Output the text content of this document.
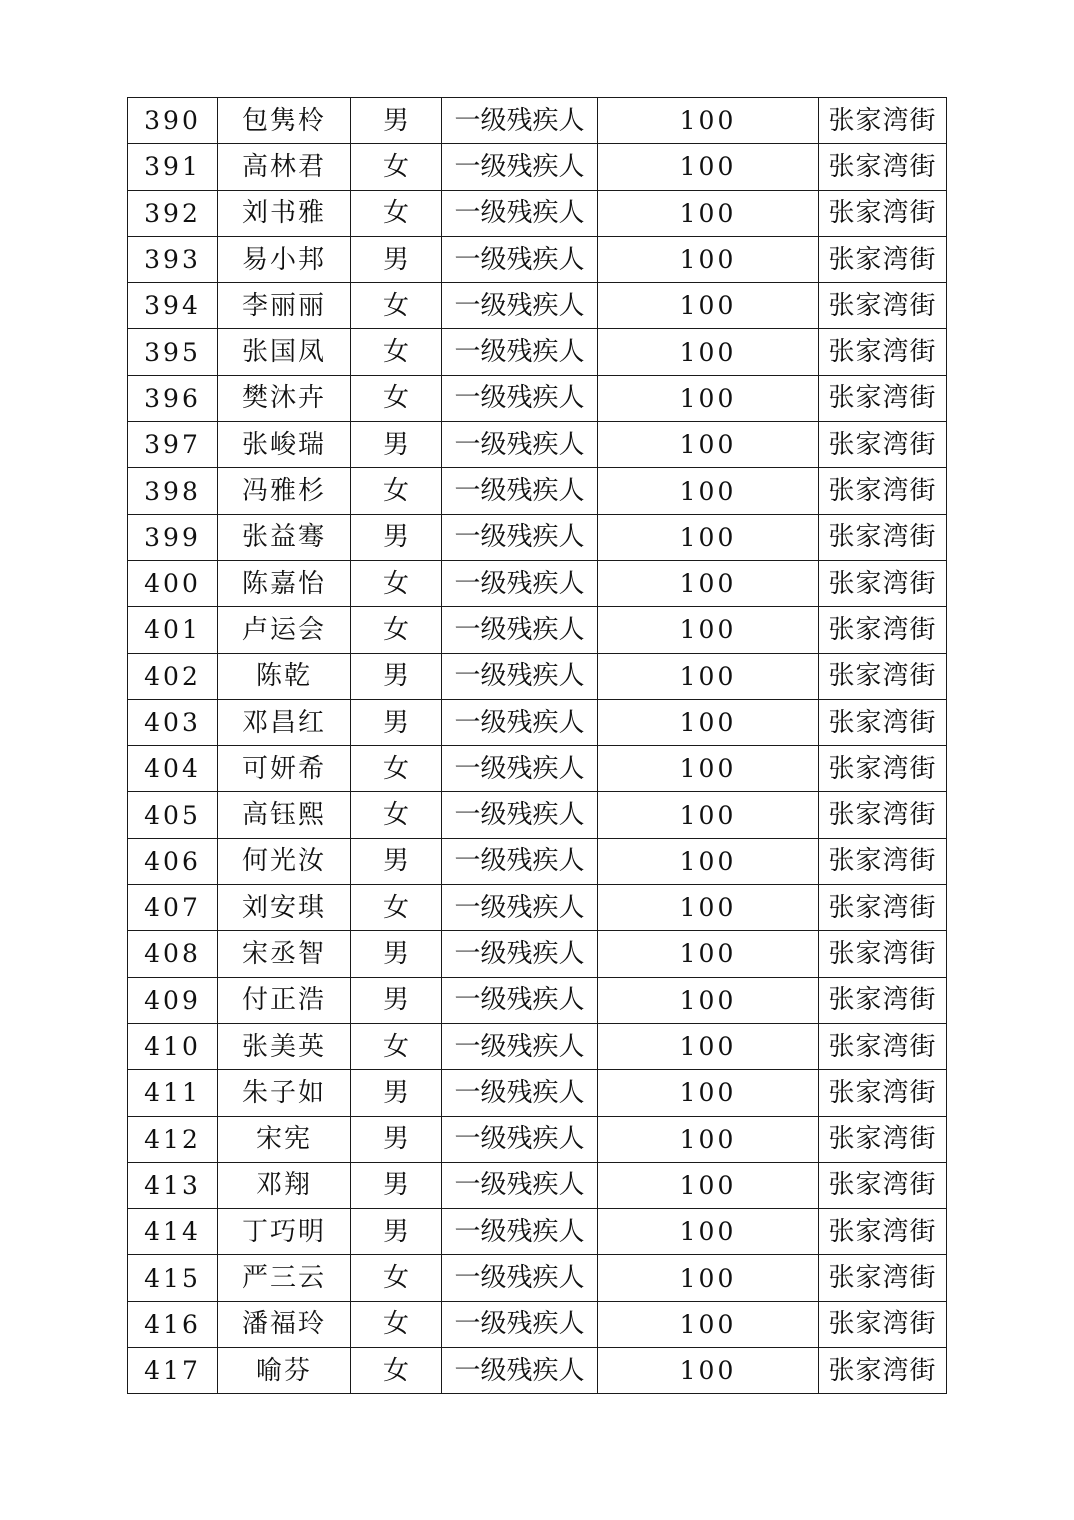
390	包隽柃	男	一级残疾人	100	张家湾街
391	高林君	女	一级残疾人	100	张家湾街
392	刘书雅	女	一级残疾人	100	张家湾街
393	易小邦	男	一级残疾人	100	张家湾街
394	李丽丽	女	一级残疾人	100	张家湾街
395	张国凤	女	一级残疾人	100	张家湾街
396	樊沐卉	女	一级残疾人	100	张家湾街
397	张峻瑞	男	一级残疾人	100	张家湾街
398	冯雅杉	女	一级残疾人	100	张家湾街
399	张益骞	男	一级残疾人	100	张家湾街
400	陈嘉怡	女	一级残疾人	100	张家湾街
401	卢运会	女	一级残疾人	100	张家湾街
402	陈乾	男	一级残疾人	100	张家湾街
403	邓昌红	男	一级残疾人	100	张家湾街
404	可妍希	女	一级残疾人	100	张家湾街
405	高钰熙	女	一级残疾人	100	张家湾街
406	何光汝	男	一级残疾人	100	张家湾街
407	刘安琪	女	一级残疾人	100	张家湾街
408	宋丞智	男	一级残疾人	100	张家湾街
409	付正浩	男	一级残疾人	100	张家湾街
410	张美英	女	一级残疾人	100	张家湾街
411	朱子如	男	一级残疾人	100	张家湾街
412	宋宪	男	一级残疾人	100	张家湾街
413	邓翔	男	一级残疾人	100	张家湾街
414	丁巧明	男	一级残疾人	100	张家湾街
415	严三云	女	一级残疾人	100	张家湾街
416	潘福玲	女	一级残疾人	100	张家湾街
417	喻芬	女	一级残疾人	100	张家湾街
